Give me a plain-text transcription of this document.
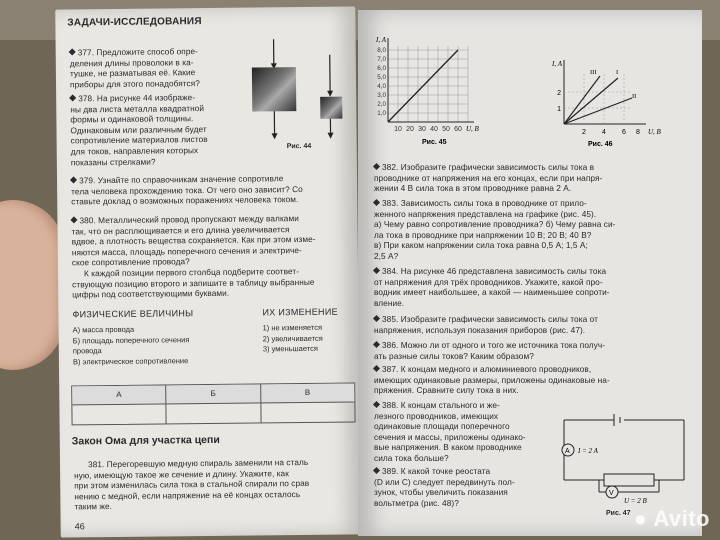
ЗАДАЧИ-ИССЛЕДОВАНИЯ
377. Предложите способ опре-
деления длины проволоки в ка-
тушке, не разматывая её. Какие
приборы для этого понадобятся?
378. На рисунке 44 изображе-
ны два листа металла квадратной
формы и одинаковой толщины.
Одинаковым или различным будет
сопротивление материалов листов
для токов, направления которых
показаны стрелками?
Рис. 44
379. Узнайте по справочникам значение сопротивле
тела человека прохождению тока. От чего оно зависит? Со
ставьте доклад о возможных поражениях человека током.
380. Металлический провод пропускают между валками
так, что он расплющивается и его длина увеличивается
вдвое, а плотность вещества сохраняется. Как при этом изме-
няются масса, площадь поперечного сечения и электриче-
ское сопротивление провода?
К каждой позиции первого столбца подберите соответ-
ствующую позицию второго и запишите в таблицу выбранные
цифры под соответствующими буквами.
ФИЗИЧЕСКИЕ ВЕЛИЧИНЫ	ИХ ИЗМЕНЕНИЕ
А) масса провода
Б) площадь поперечного сечения
провода
В) электрическое сопротивление
1) не изменяется
2) увеличивается
3) уменьшается
А	Б	В
Закон Ома для участка цепи
381. Перегоревшую медную спираль заменили на сталь
ную, имеющую такое же сечение и длину. Укажите, как
при этом изменилась сила тока в стальной спирали по срав
нению с медной, если напряжение на её концах осталось
таким же.
46
I, A
8,0
7,0
6,0
5,0
4,0
3,0
2,0
1,0
10 20 30 40 50 60 U, B
Рис. 45
I, A
1
2
2 4 6 8 U, B
III	I
II
Рис. 46
382. Изобразите графически зависимость силы тока в
проводнике от напряжения на его концах, если при напря-
жении 4 В сила тока в этом проводнике равна 2 А.
383. Зависимость силы тока в проводнике от прило-
женного напряжения представлена на графике (рис. 45).
а) Чему равно сопротивление проводника? б) Чему равна си-
ла тока в проводнике при напряжении 10 В; 20 В; 40 В?
в) При каком напряжении сила тока равна 0,5 А; 1,5 А;
2,5 А?
384. На рисунке 46 представлена зависимость силы тока
от напряжения для трёх проводников. Укажите, какой про-
водник имеет наибольшее, а какой — наименьшее сопроти-
вление.
385. Изобразите графически зависимость силы тока от
напряжения, используя показания приборов (рис. 47).
386. Можно ли от одного и того же источника тока получ-
ать разные силы токов? Каким образом?
387. К концам медного и алюминиевого проводников,
имеющих одинаковые размеры, приложены одинаковые на-
пряжения. Сравните силу тока в них.
388. К концам стального и же-
лезного проводников, имеющих
одинаковые площади поперечного
сечения и массы, приложены одинако-
вые напряжения. В каком проводнике
сила тока больше?
389. К какой точке реостата
(D или C) следует передвинуть пол-
зунок, чтобы увеличить показания
вольтметра (рис. 48)?
A I = 2 A
V
U = 2 B
Рис. 47 ● Avito
